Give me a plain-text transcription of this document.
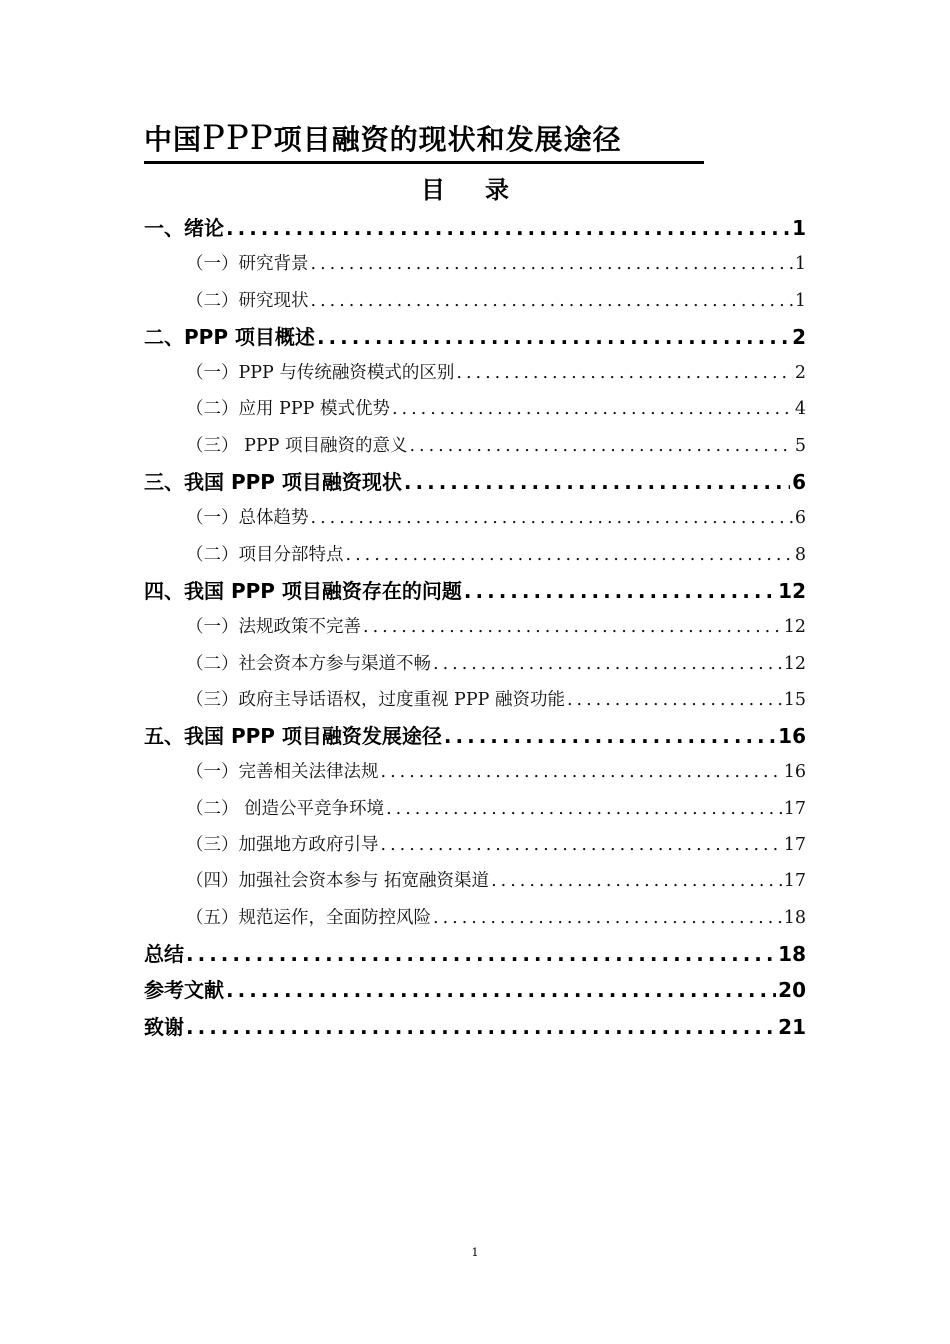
中国PPP项目融资的现状和发展途径
目录
一、绪论 .....	1
（一）研究背景 .....	1
（二）研究现状 .....	1
二、PPP 项目概述 .....	2
（一）PPP 与传统融资模式的区别 .....	2
（二）应用 PPP 模式优势 .....	4
（三） PPP 项目融资的意义 .....	5
三、我国 PPP 项目融资现状 .....	6
（一）总体趋势 .....	6
（二）项目分部特点 .....	8
四、我国 PPP 项目融资存在的问题 .....	12
（一）法规政策不完善 .....	12
（二）社会资本方参与渠道不畅 .....	12
（三）政府主导话语权，过度重视 PPP 融资功能 .....	15
五、我国 PPP 项目融资发展途径 .....	16
（一）完善相关法律法规 .....	16
（二） 创造公平竞争环境 .....	17
（三）加强地方政府引导 .....	17
（四）加强社会资本参与 拓宽融资渠道 .....	17
（五）规范运作，全面防控风险 .....	18
总结 .....	18
参考文献 .....	20
致谢 .....	21
1
